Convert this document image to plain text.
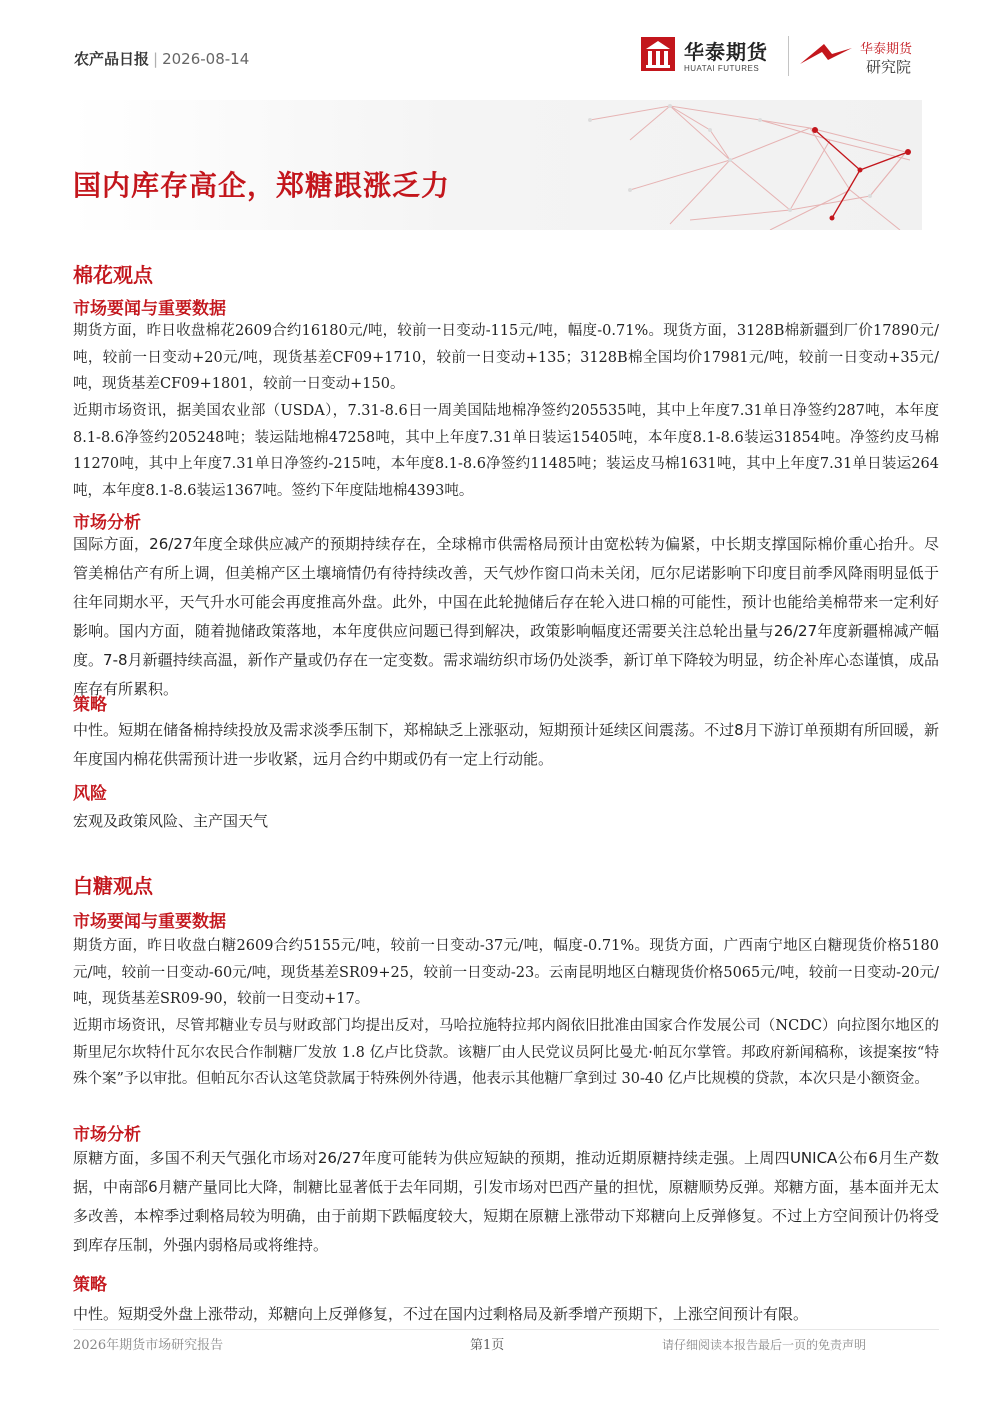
农产品日报 | 2026-08-14	华泰期货
HUATAI FUTURES
华泰期货
研究院
国内库存高企，郑糖跟涨乏力
棉花观点
市场要闻与重要数据
期货方面，昨日收盘棉花2609合约16180元/吨，较前一日变动-115元/吨，幅度-0.71%。现货方面，3128B棉新疆到厂价17890元/吨，较前一日变动+20元/吨，现货基差CF09+1710，较前一日变动+135；3128B棉全国均价17981元/吨，较前一日变动+35元/吨，现货基差CF09+1801，较前一日变动+150。
近期市场资讯，据美国农业部（USDA），7.31-8.6日一周美国陆地棉净签约205535吨，其中上年度7.31单日净签约287吨，本年度8.1-8.6净签约205248吨；装运陆地棉47258吨，其中上年度7.31单日装运15405吨，本年度8.1-8.6装运31854吨。净签约皮马棉11270吨，其中上年度7.31单日净签约-215吨，本年度8.1-8.6净签约11485吨；装运皮马棉1631吨，其中上年度7.31单日装运264吨，本年度8.1-8.6装运1367吨。签约下年度陆地棉4393吨。
市场分析
国际方面，26/27年度全球供应减产的预期持续存在，全球棉市供需格局预计由宽松转为偏紧，中长期支撑国际棉价重心抬升。尽管美棉估产有所上调，但美棉产区土壤墒情仍有待持续改善，天气炒作窗口尚未关闭，厄尔尼诺影响下印度目前季风降雨明显低于往年同期水平，天气升水可能会再度推高外盘。此外，中国在此轮抛储后存在轮入进口棉的可能性，预计也能给美棉带来一定利好影响。国内方面，随着抛储政策落地，本年度供应问题已得到解决，政策影响幅度还需要关注总轮出量与26/27年度新疆棉减产幅度。7-8月新疆持续高温，新作产量或仍存在一定变数。需求端纺织市场仍处淡季，新订单下降较为明显，纺企补库心态谨慎，成品库存有所累积。
策略
中性。短期在储备棉持续投放及需求淡季压制下，郑棉缺乏上涨驱动，短期预计延续区间震荡。不过8月下游订单预期有所回暖，新年度国内棉花供需预计进一步收紧，远月合约中期或仍有一定上行动能。
风险
宏观及政策风险、主产国天气
白糖观点
市场要闻与重要数据
期货方面，昨日收盘白糖2609合约5155元/吨，较前一日变动-37元/吨，幅度-0.71%。现货方面，广西南宁地区白糖现货价格5180元/吨，较前一日变动-60元/吨，现货基差SR09+25，较前一日变动-23。云南昆明地区白糖现货价格5065元/吨，较前一日变动-20元/吨，现货基差SR09-90，较前一日变动+17。
近期市场资讯，尽管邦糖业专员与财政部门均提出反对，马哈拉施特拉邦内阁依旧批准由国家合作发展公司（NCDC）向拉图尔地区的斯里尼尔坎特什瓦尔农民合作制糖厂发放 1.8 亿卢比贷款。该糖厂由人民党议员阿比曼尤·帕瓦尔掌管。邦政府新闻稿称，该提案按“特殊个案”予以审批。但帕瓦尔否认这笔贷款属于特殊例外待遇，他表示其他糖厂拿到过 30-40 亿卢比规模的贷款，本次只是小额资金。
市场分析
原糖方面，多国不利天气强化市场对26/27年度可能转为供应短缺的预期，推动近期原糖持续走强。上周四UNICA公布6月生产数据，中南部6月糖产量同比大降，制糖比显著低于去年同期，引发市场对巴西产量的担忧，原糖顺势反弹。郑糖方面，基本面并无太多改善，本榨季过剩格局较为明确，由于前期下跌幅度较大，短期在原糖上涨带动下郑糖向上反弹修复。不过上方空间预计仍将受到库存压制，外强内弱格局或将维持。
策略
中性。短期受外盘上涨带动，郑糖向上反弹修复，不过在国内过剩格局及新季增产预期下，上涨空间预计有限。
2026年期货市场研究报告	第1页	请仔细阅读本报告最后一页的免责声明
